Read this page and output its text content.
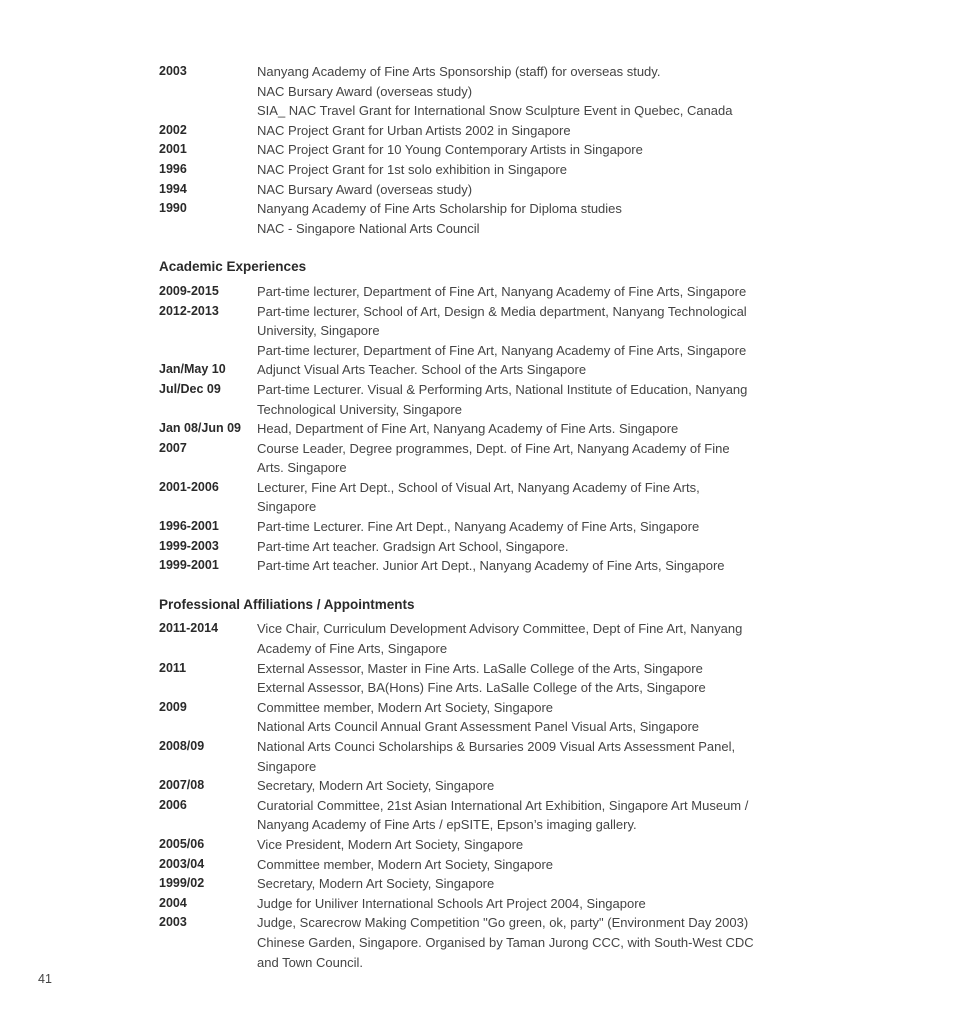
2003	Nanyang Academy of Fine Arts Sponsorship (staff) for overseas study.
NAC Bursary Award (overseas study)
SIA_ NAC Travel Grant for International Snow Sculpture Event in Quebec, Canada
2002	NAC Project Grant for Urban Artists 2002 in Singapore
2001	NAC Project Grant for 10 Young Contemporary Artists in Singapore
1996	NAC Project Grant for 1st solo exhibition in Singapore
1994	NAC Bursary Award (overseas study)
1990	Nanyang Academy of Fine Arts Scholarship for Diploma studies
NAC - Singapore National Arts Council
Academic Experiences
2009-2015	Part-time lecturer, Department of Fine Art, Nanyang Academy of Fine Arts, Singapore
2012-2013	Part-time lecturer, School of Art, Design & Media department, Nanyang Technological
University, Singapore
Part-time lecturer, Department of Fine Art, Nanyang Academy of Fine Arts, Singapore
Jan/May 10	Adjunct Visual Arts Teacher. School of the Arts Singapore
Jul/Dec 09	Part-time Lecturer. Visual & Performing Arts, National Institute of Education, Nanyang
Technological University, Singapore
Jan 08/Jun 09	Head, Department of Fine Art, Nanyang Academy of Fine Arts. Singapore
2007	Course Leader, Degree programmes, Dept. of Fine Art, Nanyang Academy of Fine
Arts. Singapore
2001-2006	Lecturer, Fine Art Dept., School of Visual Art, Nanyang Academy of Fine Arts,
Singapore
1996-2001	Part-time Lecturer. Fine Art Dept., Nanyang Academy of Fine Arts, Singapore
1999-2003	Part-time Art teacher. Gradsign Art School, Singapore.
1999-2001	Part-time Art teacher. Junior Art Dept., Nanyang Academy of Fine Arts, Singapore
Professional Affiliations / Appointments
2011-2014	Vice Chair, Curriculum Development Advisory Committee, Dept of Fine Art, Nanyang
Academy of Fine Arts, Singapore
2011	External Assessor, Master in Fine Arts. LaSalle College of the Arts, Singapore
External Assessor, BA(Hons) Fine Arts. LaSalle College of the Arts, Singapore
2009	Committee member, Modern Art Society, Singapore
National Arts Council Annual Grant Assessment Panel Visual Arts, Singapore
2008/09	National Arts Counci Scholarships & Bursaries 2009 Visual Arts Assessment Panel,
Singapore
2007/08	Secretary, Modern Art Society, Singapore
2006	Curatorial Committee, 21st Asian International Art Exhibition, Singapore Art Museum /
Nanyang Academy of Fine Arts / epSITE, Epson’s imaging gallery.
2005/06	Vice President, Modern Art Society, Singapore
2003/04	Committee member, Modern Art Society, Singapore
1999/02	Secretary, Modern Art Society, Singapore
2004	Judge for Uniliver International Schools Art Project 2004, Singapore
2003	Judge, Scarecrow Making Competition "Go green, ok, party" (Environment Day 2003)
Chinese Garden, Singapore. Organised by Taman Jurong CCC, with South-West CDC
and Town Council.
41
